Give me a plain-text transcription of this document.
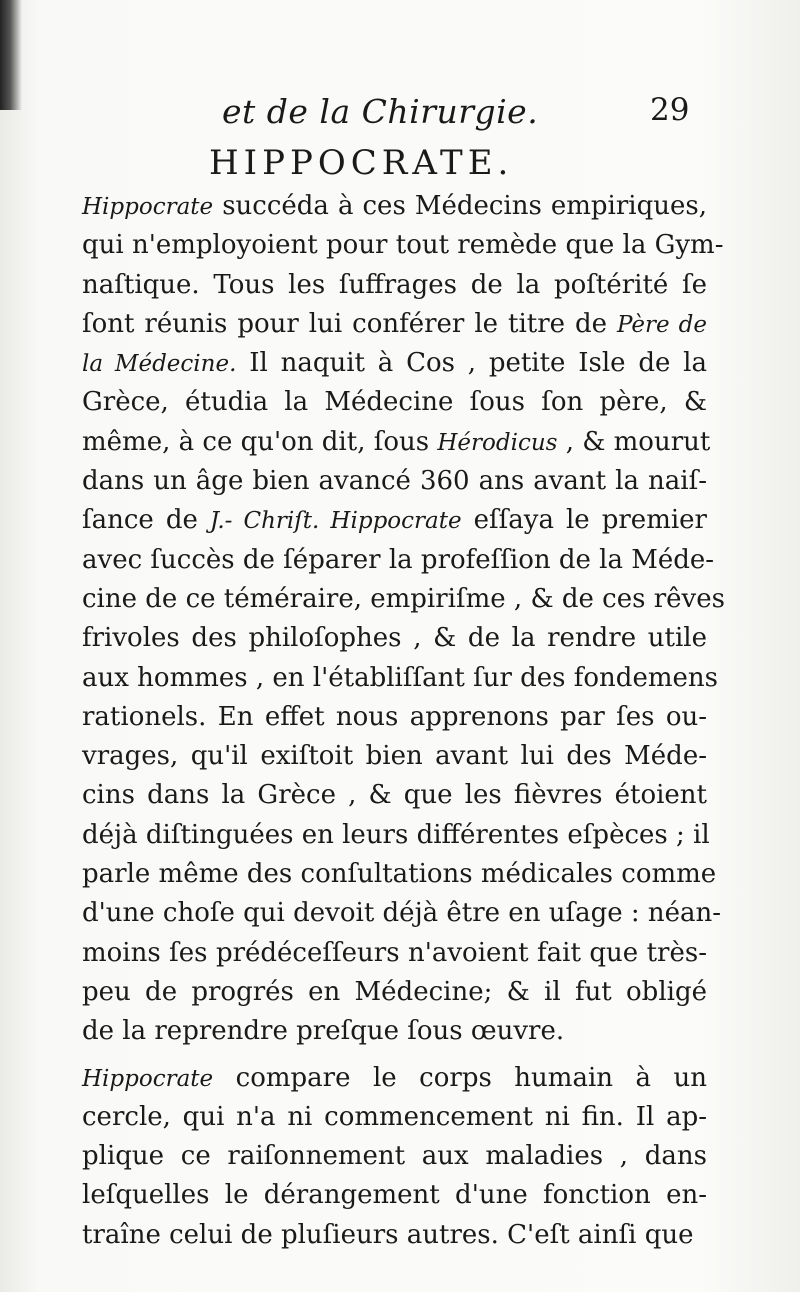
et de la Chirurgie.	29
HIPPOCRATE.
Hippocrate succéda à ces Médecins empiriques,
qui n'employoient pour tout remède que la Gym-
naſtique. Tous les ſuffrages de la poſtérité ſe
ſont réunis pour lui conférer le titre de Père de
la Médecine. Il naquit à Cos , petite Isle de la
Grèce, étudia la Médecine ſous ſon père, &
même, à ce qu'on dit, ſous Hérodicus , & mourut
dans un âge bien avancé 360 ans avant la naiſ-
ſance de J.- Chriſt. Hippocrate eſſaya le premier
avec ſuccès de ſéparer la profeſſion de la Méde-
cine de ce téméraire, empiriſme , & de ces rêves
frivoles des philoſophes , & de la rendre utile
aux hommes , en l'établiſſant ſur des fondemens
rationels. En effet nous apprenons par ſes ou-
vrages, qu'il exiſtoit bien avant lui des Méde-
cins dans la Grèce , & que les fièvres étoient
déjà diſtinguées en leurs différentes eſpèces ; il
parle même des conſultations médicales comme
d'une choſe qui devoit déjà être en uſage : néan-
moins ſes prédéceſſeurs n'avoient fait que très-
peu de progrés en Médecine; & il fut obligé
de la reprendre preſque ſous œuvre.
Hippocrate compare le corps humain à un
cercle, qui n'a ni commencement ni fin. Il ap-
plique ce raiſonnement aux maladies , dans
leſquelles le dérangement d'une fonction en-
traîne celui de pluſieurs autres. C'eſt ainſi que
